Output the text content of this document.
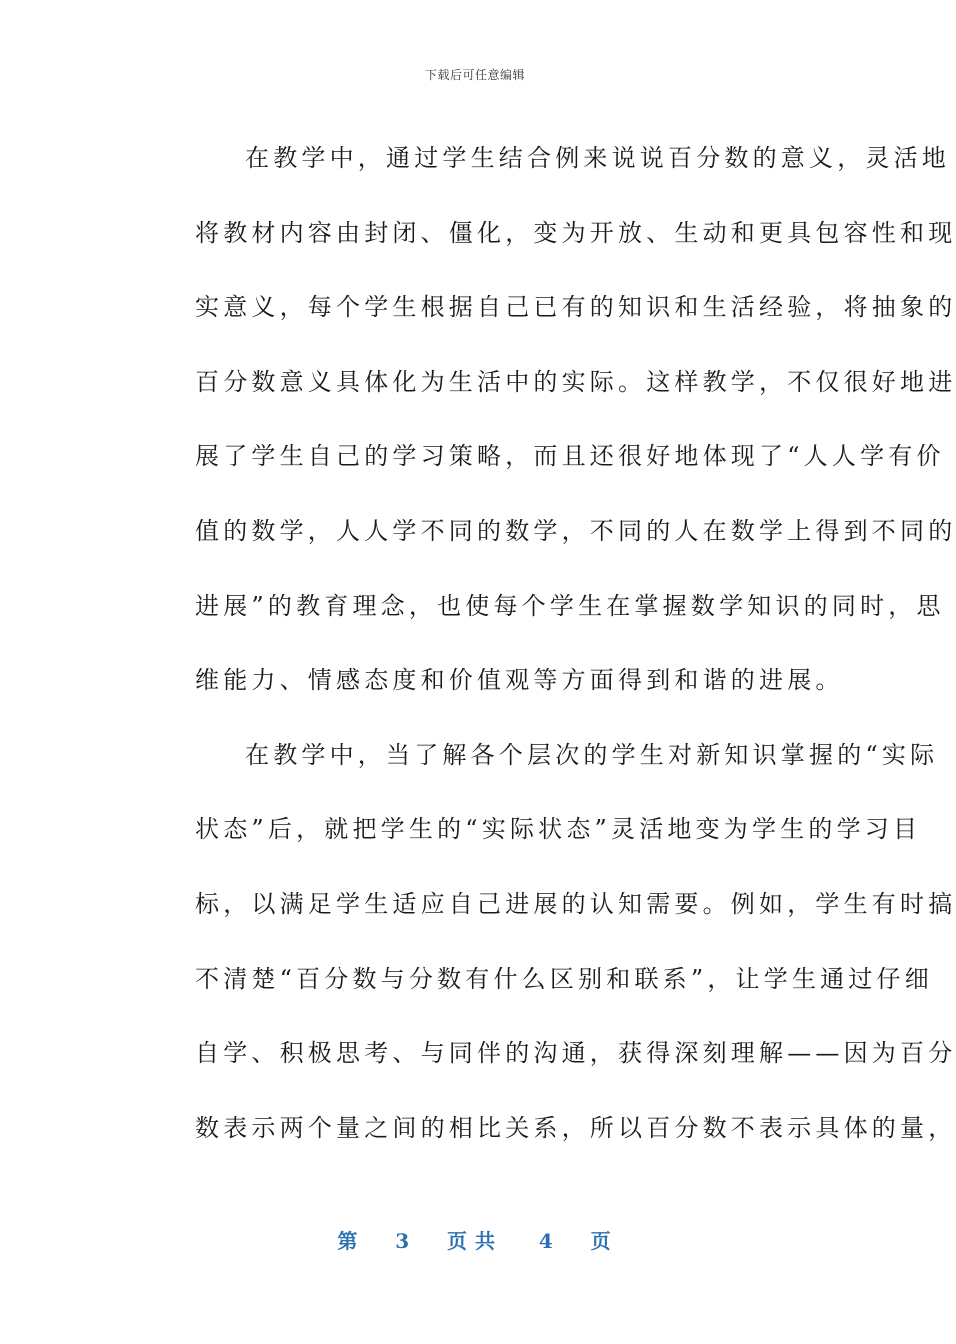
下载后可任意编辑
在教学中，通过学生结合例来说说百分数的意义，灵活地
将教材内容由封闭、僵化，变为开放、生动和更具包容性和现
实意义，每个学生根据自己已有的知识和生活经验，将抽象的
百分数意义具体化为生活中的实际。这样教学，不仅很好地进
展了学生自己的学习策略，而且还很好地体现了“人人学有价
值的数学，人人学不同的数学，不同的人在数学上得到不同的
进展”的教育理念，也使每个学生在掌握数学知识的同时，思
维能力、情感态度和价值观等方面得到和谐的进展。
在教学中，当了解各个层次的学生对新知识掌握的“实际
状态”后，就把学生的“实际状态”灵活地变为学生的学习目
标，以满足学生适应自己进展的认知需要。例如，学生有时搞
不清楚“百分数与分数有什么区别和联系”，让学生通过仔细
自学、积极思考、与同伴的沟通，获得深刻理解——因为百分
数表示两个量之间的相比关系，所以百分数不表示具体的量，
第 3 页共 4 页
